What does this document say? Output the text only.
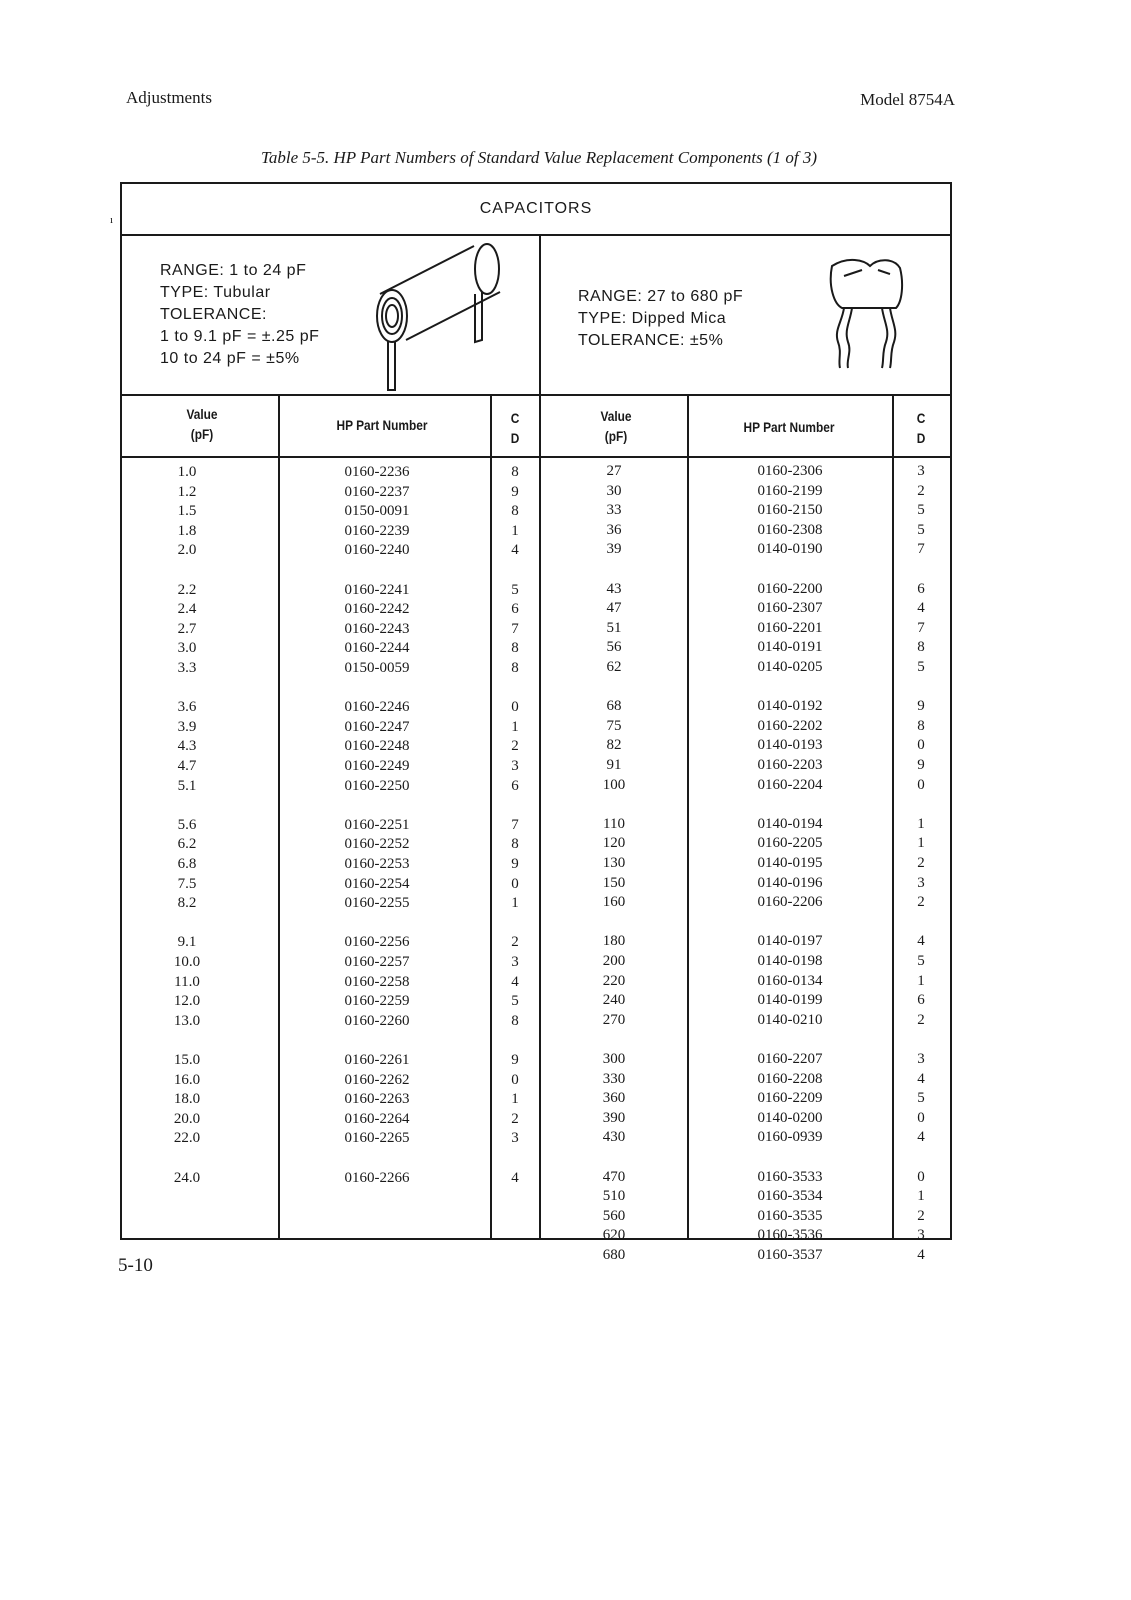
Adjustments	Model 8754A
Table 5-5. HP Part Numbers of Standard Value Replacement Components (1 of 3)
ı
CAPACITORS
RANGE: 1 to 24 pF
TYPE: Tubular
TOLERANCE:
1 to 9.1 pF = ±.25 pF
10 to 24 pF = ±5%
RANGE: 27 to 680 pF
TYPE: Dipped Mica
TOLERANCE: ±5%
Value
(pF)
HP Part Number	C
D
Value
(pF)
HP Part Number
C
D
1.0	0160-2236	8
1.2	0160-2237	9
1.5	0150-0091	8
1.8	0160-2239	1
2.0	0160-2240	4
2.2	0160-2241	5
2.4	0160-2242	6
2.7	0160-2243	7
3.0	0160-2244	8
3.3	0150-0059	8
3.6	0160-2246	0
3.9	0160-2247	1
4.3	0160-2248	2
4.7	0160-2249	3
5.1	0160-2250	6
5.6	0160-2251	7
6.2	0160-2252	8
6.8	0160-2253	9
7.5	0160-2254	0
8.2	0160-2255	1
9.1	0160-2256	2
10.0	0160-2257	3
11.0	0160-2258	4
12.0	0160-2259	5
13.0	0160-2260	8
15.0	0160-2261	9
16.0	0160-2262	0
18.0	0160-2263	1
20.0	0160-2264	2
22.0	0160-2265	3
24.0	0160-2266	4
27	0160-2306	3
30	0160-2199	2
33	0160-2150	5
36	0160-2308	5
39	0140-0190	7
43	0160-2200	6
47	0160-2307	4
51	0160-2201	7
56	0140-0191	8
62	0140-0205	5
68	0140-0192	9
75	0160-2202	8
82	0140-0193	0
91	0160-2203	9
100	0160-2204	0
110	0140-0194	1
120	0160-2205	1
130	0140-0195	2
150	0140-0196	3
160	0160-2206	2
180	0140-0197	4
200	0140-0198	5
220	0160-0134	1
240	0140-0199	6
270	0140-0210	2
300	0160-2207	3
330	0160-2208	4
360	0160-2209	5
390	0140-0200	0
430	0160-0939	4
470	0160-3533	0
510	0160-3534	1
560	0160-3535	2
620	0160-3536	3
680	0160-3537	4
5-10
